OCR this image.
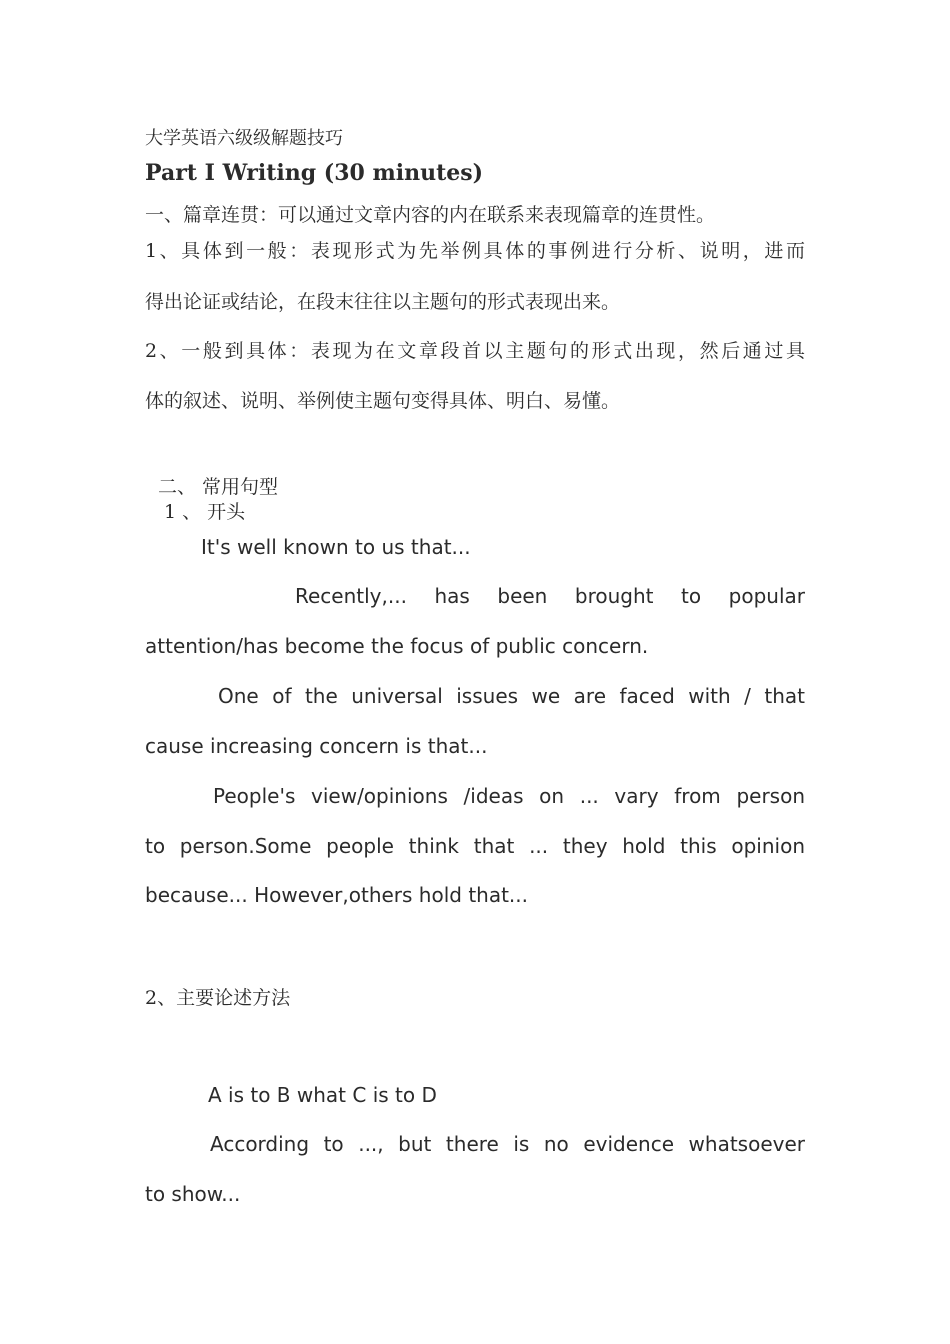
大学英语六级级解题技巧
Part I Writing (30 minutes)
一、篇章连贯：可以通过文章内容的内在联系来表现篇章的连贯性。
1、具体到一般：表现形式为先举例具体的事例进行分析、说明，进而
得出论证或结论，在段末往往以主题句的形式表现出来。
2、一般到具体：表现为在文章段首以主题句的形式出现，然后通过具
体的叙述、说明、举例使主题句变得具体、明白、易懂。
二、 常用句型
1 、 开头
It's well known to us that...
Recently,... has been brought to popular
attention/has become the focus of public concern.
One of the universal issues we are faced with / that
cause increasing concern is that...
People's view/opinions /ideas on ... vary from person
to person.Some people think that ... they hold this opinion
because... However,others hold that...
2、主要论述方法
A is to B what C is to D
According to ..., but there is no evidence whatsoever
to show...
